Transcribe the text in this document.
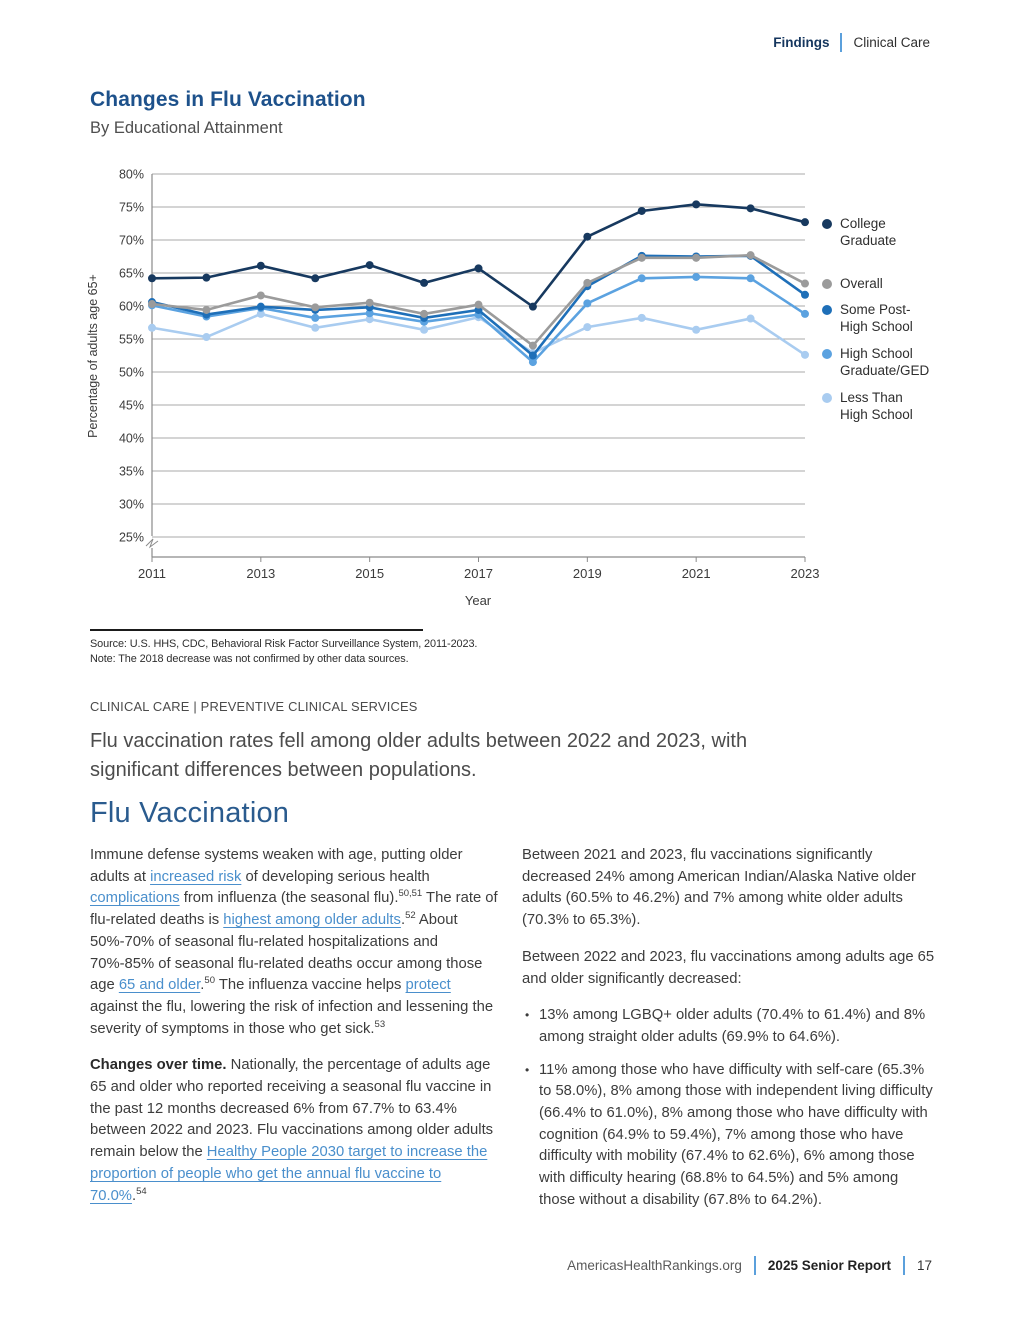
Findings Clinical Care
Changes in Flu Vaccination
By Educational Attainment
25%
30%
35%
40%
45%
50%
55%
60%
65%
70%
75%
80%
2011	2013	2015	2017	2019	2021	2023
Year
Percentage of adults age 65+
College
Graduate
Overall
Some Post-
High School
High School
Graduate/GED
Less Than
High School
Source: U.S. HHS, CDC, Behavioral Risk Factor Surveillance System, 2011-2023.
Note: The 2018 decrease was not confirmed by other data sources.
CLINICAL CARE | PREVENTIVE CLINICAL SERVICES
Flu vaccination rates fell among older adults between 2022 and 2023, with significant differences between populations.
Flu Vaccination

Immune defense systems weaken with age, putting older adults at increased risk of developing serious health complications from influenza (the seasonal flu).$^{50,51}$ The rate of flu-related deaths is highest among older adults.$^{52}$ About 50%-70% of seasonal flu-related hospitalizations and 70%-85% of seasonal flu-related deaths occur among those age 65 and older.$^{50}$ The influenza vaccine helps protect against the flu, lowering the risk of infection and lessening the severity of symptoms in those who get sick.$^{53}$

Changes over time. Nationally, the percentage of adults age 65 and older who reported receiving a seasonal flu vaccine in the past 12 months decreased 6% from 67.7% to 63.4% between 2022 and 2023. Flu vaccinations among older adults remain below the Healthy People 2030 target to increase the proportion of people who get the annual flu vaccine to 70.0%.$^{54}$

Between 2021 and 2023, flu vaccinations significantly decreased 24% among American Indian/Alaska Native older adults (60.5% to 46.2%) and 7% among white older adults (70.3% to 65.3%).

Between 2022 and 2023, flu vaccinations among adults age 65 and older significantly decreased:

• 13% among LGBQ+ older adults (70.4% to 61.4%) and 8% among straight older adults (69.9% to 64.6%).
• 11% among those who have difficulty with self-care (65.3% to 58.0%), 8% among those with independent living difficulty (66.4% to 61.0%), 8% among those who have difficulty with cognition (64.9% to 59.4%), 7% among those who have difficulty with mobility (67.4% to 62.6%), 6% among those with difficulty hearing (68.8% to 64.5%) and 5% among those without a disability (67.8% to 64.2%).
AmericasHealthRankings.org 2025 Senior Report 17
